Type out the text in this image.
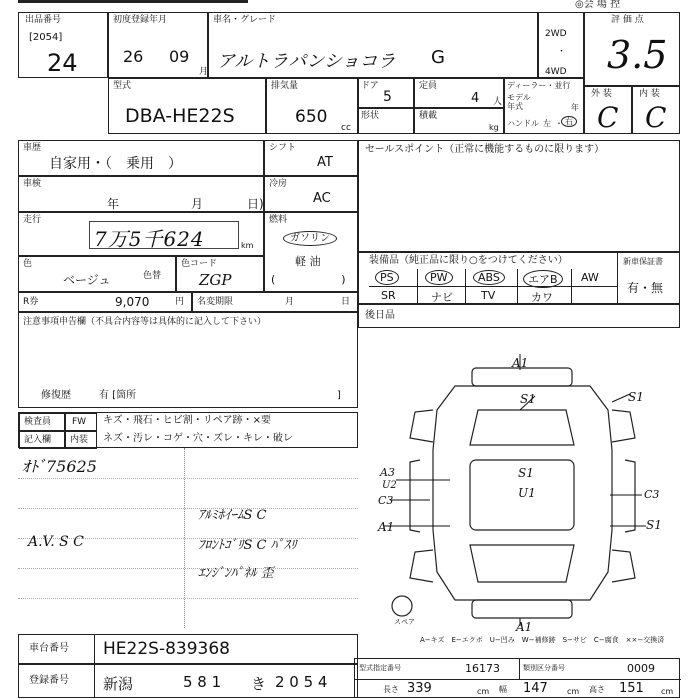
◎会 場 控
出品番号
[2054]
24
初度登録年月
26 09
月
車名・グレード
アルトラパンショコラ G
2WD
・
4WD
評 価 点
3.5
型式
DBA-HE22S
排気量
650
cc
ドア
5
定員
4 人
ディーラー・並行
モデル年式	年
ハンドル 左 ・ 右
形状	積載
kg
外 装
C
内 装
C
車歴
自家用・（　乗用　）
シフト
AT
車検
年	月	日)
冷房
AC
走行
7万5千624	km
燃料
ガソリン
軽 油
(　　　　　　)
色
ベージュ	色替
色コード
ZGP
R券	9,070	円 名変期限	月	日
注意事項申告欄（不具合内容等は具体的に記入して下さい）
修復歴	有 [箇所	]
検査員 FW キズ・飛石・ヒビ割・リペア跡・×要
記入欄 内装 ネズ・汚レ・コゲ・穴・ズレ・キレ・破レ
ｵﾄﾞ75625
A.V. S C
ｱﾙﾐﾎｲｰﾑS C
ﾌﾛﾝﾄｺﾞﾘS C ﾊﾟｽﾘ
ｴﾝｼﾞﾝﾊﾟﾈﾙ 歪
セールスポイント（正常に機能するものに限ります）
装備品（純正品に限り○をつけてください）	新車保証書
有・無
PS	PW	ABS	エアB	AW
SR	ナビ	TV	カワ
後日品
A1
S1	S1
S1
U1
A3
U2
C3
A1
C3
S1
A1
スペア
A−キズ　E−エクボ　U−凹み　W−補修跡　S−サビ　C−腐食　××−交換済
車台番号 HE22S-839368
登録番号 新潟	5 8 1 き 2 0 5 4
型式指定番号	16173	類別区分番号	0009
長さ 339	cm 幅 147 cm 高さ 151 cm
